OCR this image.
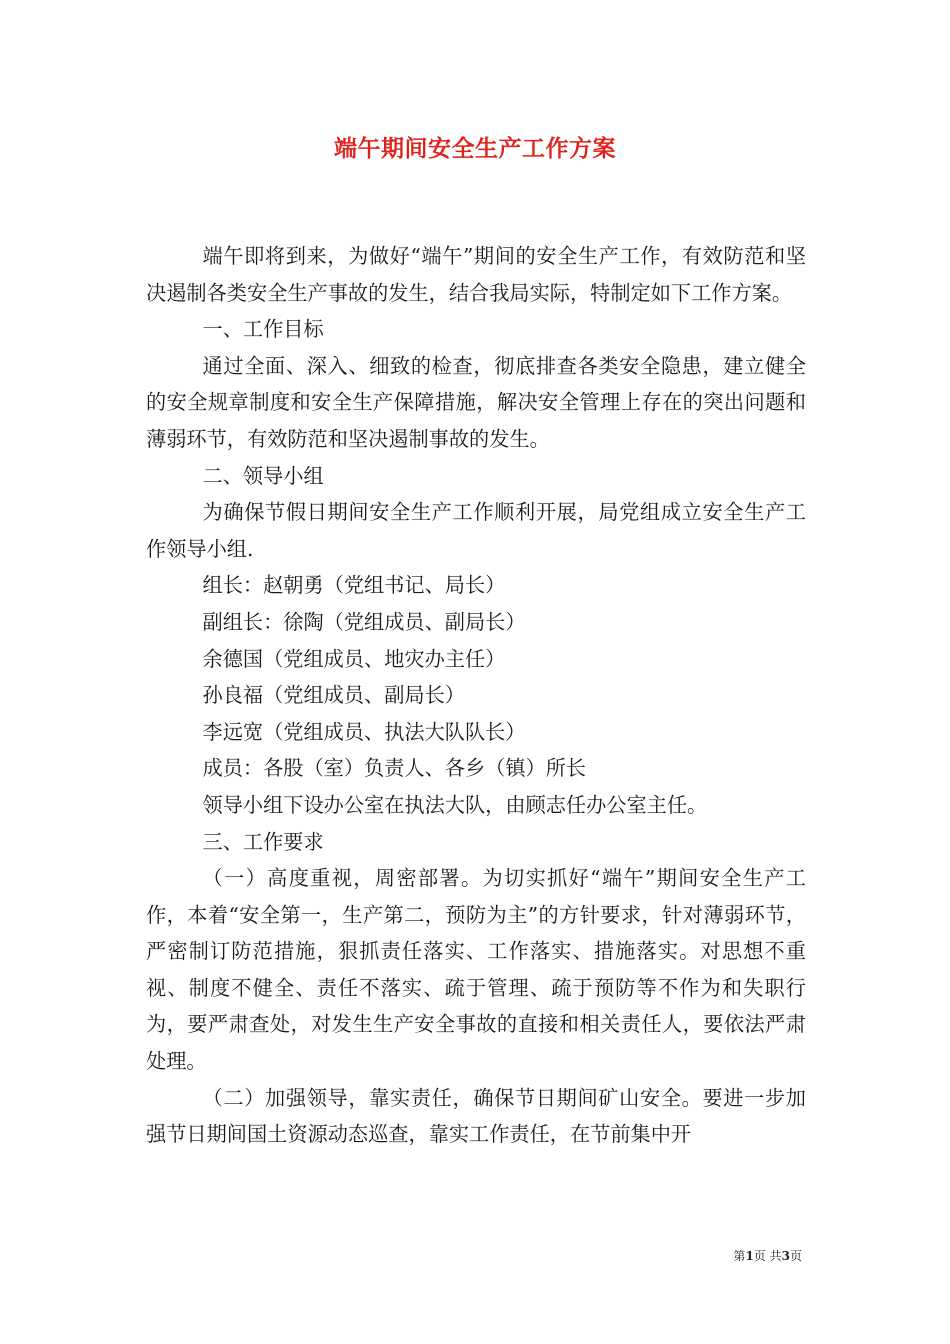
端午期间安全生产工作方案

端午即将到来，为做好“端午”期间的安全生产工作，有效防范和坚决遏制各类安全生产事故的发生，结合我局实际，特制定如下工作方案。

一、工作目标

通过全面、深入、细致的检查，彻底排查各类安全隐患，建立健全的安全规章制度和安全生产保障措施，解决安全管理上存在的突出问题和薄弱环节，有效防范和坚决遏制事故的发生。

二、领导小组

为确保节假日期间安全生产工作顺利开展，局党组成立安全生产工作领导小组.

组长：赵朝勇（党组书记、局长）

副组长：徐陶（党组成员、副局长）

余德国（党组成员、地灾办主任）

孙良福（党组成员、副局长）

李远宽（党组成员、执法大队队长）

成员：各股（室）负责人、各乡（镇）所长

领导小组下设办公室在执法大队，由顾志任办公室主任。

三、工作要求

（一）高度重视，周密部署。为切实抓好“端午”期间安全生产工作，本着“安全第一，生产第二，预防为主”的方针要求，针对薄弱环节，严密制订防范措施，狠抓责任落实、工作落实、措施落实。对思想不重视、制度不健全、责任不落实、疏于管理、疏于预防等不作为和失职行为，要严肃查处，对发生生产安全事故的直接和相关责任人，要依法严肃处理。

（二）加强领导，靠实责任，确保节日期间矿山安全。要进一步加强节日期间国土资源动态巡查，靠实工作责任，在节前集中开

第1页 共3页
